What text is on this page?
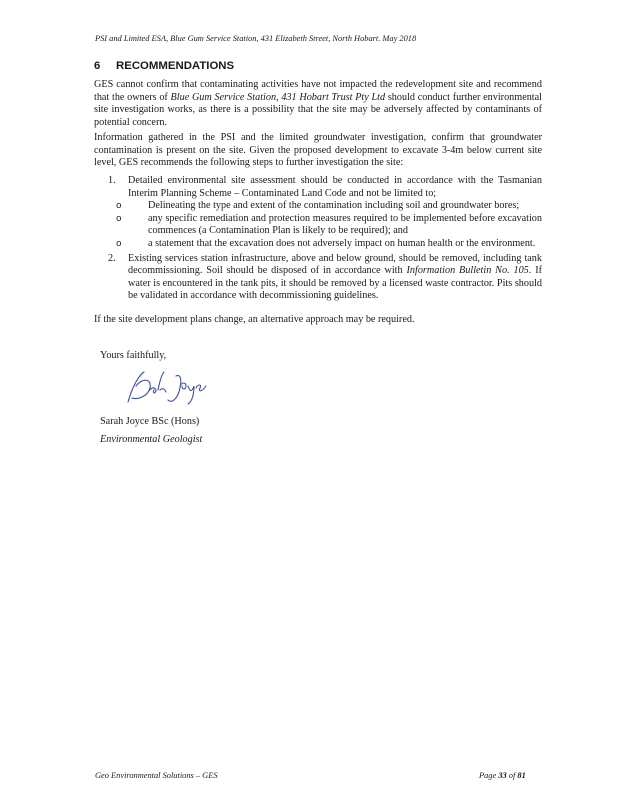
PSI and Limited ESA, Blue Gum Service Station, 431 Elizabeth Street, North Hobart. May 2018
6 RECOMMENDATIONS
GES cannot confirm that contaminating activities have not impacted the redevelopment site and recommend that the owners of Blue Gum Service Station, 431 Hobart Trust Pty Ltd should conduct further environmental site investigation works, as there is a possibility that the site may be adversely affected by contaminants of potential concern.
Information gathered in the PSI and the limited groundwater investigation, confirm that groundwater contamination is present on the site. Given the proposed development to excavate 3-4m below current site level, GES recommends the following steps to further investigation the site:
1. Detailed environmental site assessment should be conducted in accordance with the Tasmanian Interim Planning Scheme – Contaminated Land Code and not be limited to;
o	Delineating the type and extent of the contamination including soil and groundwater bores;
o	any specific remediation and protection measures required to be implemented before excavation commences (a Contamination Plan is likely to be required); and
o	a statement that the excavation does not adversely impact on human health or the environment.
2. Existing services station infrastructure, above and below ground, should be removed, including tank decommissioning. Soil should be disposed of in accordance with Information Bulletin No. 105. If water is encountered in the tank pits, it should be removed by a licensed waste contractor. Pits should be validated in accordance with decommissioning guidelines.
If the site development plans change, an alternative approach may be required.
Yours faithfully,
Sarah Joyce BSc (Hons)
Environmental Geologist
Geo Environmental Solutions – GES	Page 33 of 81
